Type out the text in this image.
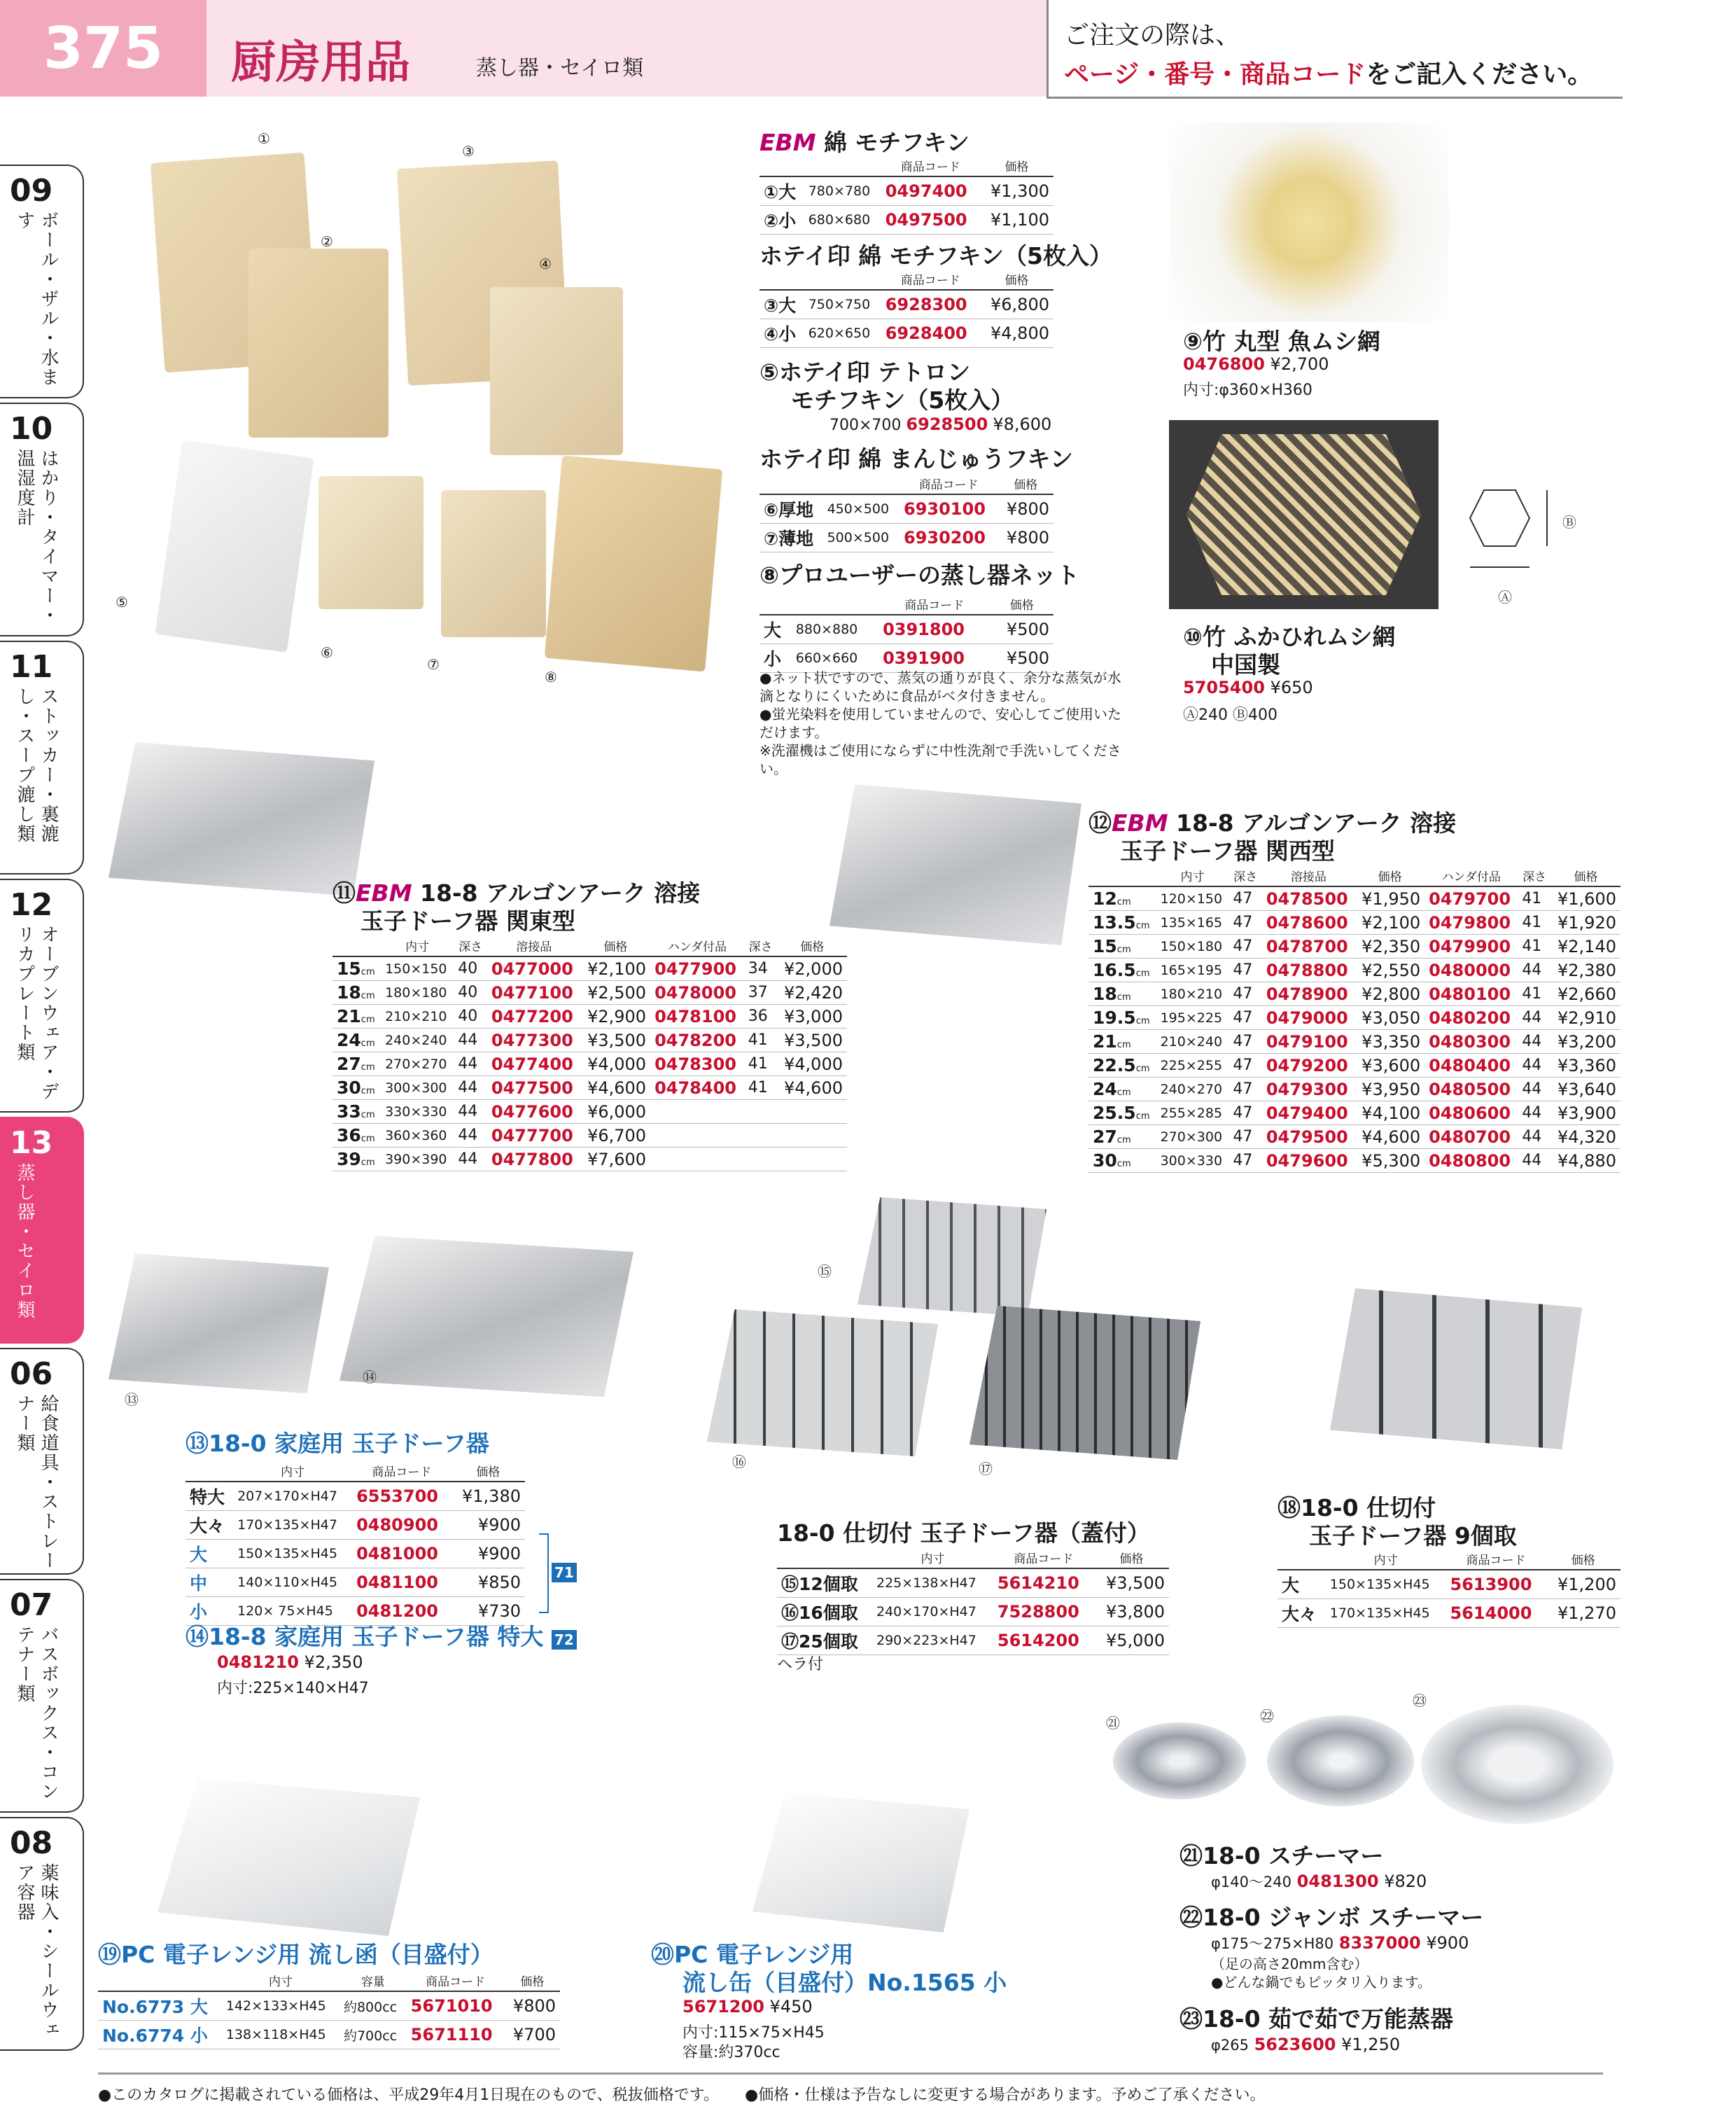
375	厨房用品	蒸し器・セイロ類
ご注文の際は、
ページ・番号・商品コードをご記入ください。
09
ボール・ザル・水ます
10
はかり・タイマー・温湿度計
11
ストッカー・裏漉し・スープ漉し類
12
オーブンウェア・デリカプレート類
13
蒸し器・セイロ類
06
給食道具・ストレーナー類
07
バスボックス・コンテナー類
08
薬味入・シールウェア容器
①
②
③
④
⑤
⑥
⑦
⑧
EBM 綿 モチフキン
		商品コード	価格
①大	780×780	0497400	¥1,300
②小	680×680	0497500	¥1,100
ホテイ印 綿 モチフキン（5枚入）
		商品コード	価格
③大	750×750	6928300	¥6,800
④小	620×650	6928400	¥4,800
⑤ホテイ印 テトロン
モチフキン（5枚入）
700×700 6928500 ¥8,600
ホテイ印 綿 まんじゅうフキン
		商品コード	価格
⑥厚地	450×500	6930100	¥800
⑦薄地	500×500	6930200	¥800
⑧プロユーザーの蒸し器ネット
		商品コード	価格
大	880×880	0391800	¥500
小	660×660	0391900	¥500
●ネット状ですので、蒸気の通りが良く、余分な蒸気が水滴となりにくいために食品がベタ付きません。
●蛍光染料を使用していませんので、安心してご使用いただけます。
※洗濯機はご使用にならずに中性洗剤で手洗いしてください。
⑨竹 丸型 魚ムシ網
0476800 ¥2,700
内寸:φ360×H360
Ⓑ
Ⓐ
⑩竹 ふかひれムシ網
中国製
5705400 ¥650
Ⓐ240 Ⓑ400
⑪EBM 18-8 アルゴンアーク 溶接
玉子ドーフ器 関東型
	内寸	深さ	溶接品	価格	ハンダ付品	深さ	価格
15cm	150×150	40	0477000	¥2,100	0477900	34	¥2,000
18cm	180×180	40	0477100	¥2,500	0478000	37	¥2,420
21cm	210×210	40	0477200	¥2,900	0478100	36	¥3,000
24cm	240×240	44	0477300	¥3,500	0478200	41	¥3,500
27cm	270×270	44	0477400	¥4,000	0478300	41	¥4,000
30cm	300×300	44	0477500	¥4,600	0478400	41	¥4,600
33cm	330×330	44	0477600	¥6,000			
36cm	360×360	44	0477700	¥6,700			
39cm	390×390	44	0477800	¥7,600			
⑫EBM 18-8 アルゴンアーク 溶接
玉子ドーフ器 関西型
	内寸	深さ	溶接品	価格	ハンダ付品	深さ	価格
12cm	120×150	47	0478500	¥1,950	0479700	41	¥1,600
13.5cm	135×165	47	0478600	¥2,100	0479800	41	¥1,920
15cm	150×180	47	0478700	¥2,350	0479900	41	¥2,140
16.5cm	165×195	47	0478800	¥2,550	0480000	44	¥2,380
18cm	180×210	47	0478900	¥2,800	0480100	41	¥2,660
19.5cm	195×225	47	0479000	¥3,050	0480200	44	¥2,910
21cm	210×240	47	0479100	¥3,350	0480300	44	¥3,200
22.5cm	225×255	47	0479200	¥3,600	0480400	44	¥3,360
24cm	240×270	47	0479300	¥3,950	0480500	44	¥3,640
25.5cm	255×285	47	0479400	¥4,100	0480600	44	¥3,900
27cm	270×300	47	0479500	¥4,600	0480700	44	¥4,320
30cm	300×330	47	0479600	¥5,300	0480800	44	¥4,880
⑬
⑭
⑬18-0 家庭用 玉子ドーフ器
	内寸	商品コード	価格
特大	207×170×H47	6553700	¥1,380
大々	170×135×H47	0480900	¥900
大	150×135×H45	0481000	¥900
中	140×110×H45	0481100	¥850
小	120× 75×H45	0481200	¥730
71
⑭18-8 家庭用 玉子ドーフ器 特大 72
0481210 ¥2,350
内寸:225×140×H47
⑮
⑯	⑰
18-0 仕切付 玉子ドーフ器（蓋付）
	内寸	商品コード	価格
⑮12個取	225×138×H47	5614210	¥3,500
⑯16個取	240×170×H47	7528800	¥3,800
⑰25個取	290×223×H47	5614200	¥5,000
ヘラ付
⑱18-0 仕切付
玉子ドーフ器 9個取
	内寸	商品コード	価格
大	150×135×H45	5613900	¥1,200
大々	170×135×H45	5614000	¥1,270
㉑	㉒
㉓
㉑18-0 スチーマー
φ140〜240 0481300 ¥820
㉒18-0 ジャンボ スチーマー
φ175〜275×H80 8337000 ¥900
（足の高さ20mm含む）
●どんな鍋でもピッタリ入ります。
㉓18-0 茹で茹で万能蒸器
φ265 5623600 ¥1,250
⑲PC 電子レンジ用 流し函（目盛付）
	内寸	容量	商品コード	価格
No.6773 大	142×133×H45	約800cc	5671010	¥800
No.6774 小	138×118×H45	約700cc	5671110	¥700
⑳PC 電子レンジ用
流し缶（目盛付）No.1565 小
5671200 ¥450
内寸:115×75×H45
容量:約370cc
●このカタログに掲載されている価格は、平成29年4月1日現在のもので、税抜価格です。 ●価格・仕様は予告なしに変更する場合があります。予めご了承ください。
